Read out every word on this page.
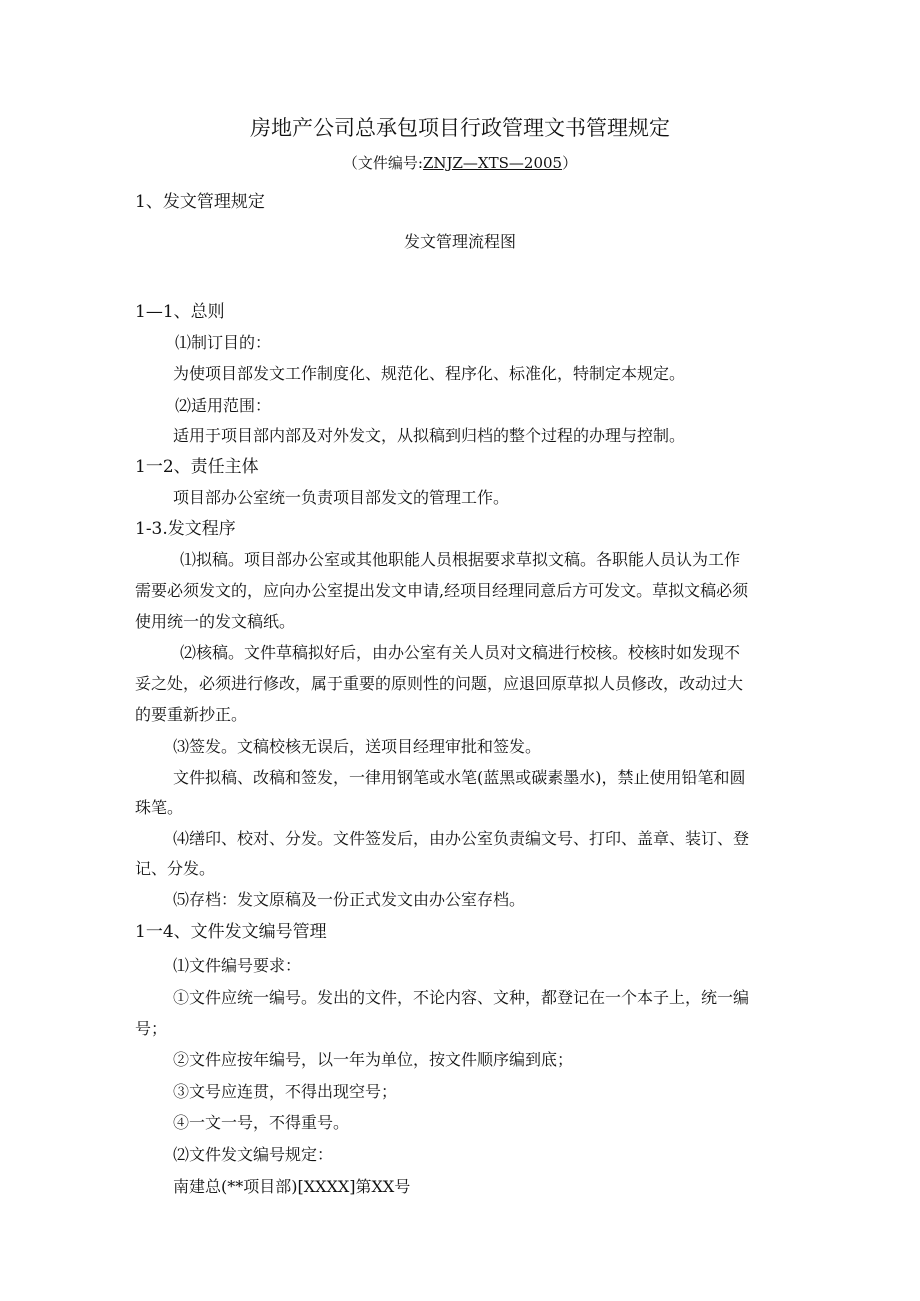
房地产公司总承包项目行政管理文书管理规定
（文件编号:ZNJZ—XTS—2005）
1、发文管理规定
发文管理流程图
1—1、总则
⑴制订目的：
为使项目部发文工作制度化、规范化、程序化、标准化，特制定本规定。
⑵适用范围：
适用于项目部内部及对外发文，从拟稿到归档的整个过程的办理与控制。
1一2、责任主体
项目部办公室统一负责项目部发文的管理工作。
1-3.发文程序
⑴拟稿。项目部办公室或其他职能人员根据要求草拟文稿。各职能人员认为工作
需要必须发文的，应向办公室提出发文申请,经项目经理同意后方可发文。草拟文稿必须
使用统一的发文稿纸。
⑵核稿。文件草稿拟好后，由办公室有关人员对文稿进行校核。校核时如发现不
妥之处，必须进行修改，属于重要的原则性的问题，应退回原草拟人员修改，改动过大
的要重新抄正。
⑶签发。文稿校核无误后，送项目经理审批和签发。
文件拟稿、改稿和签发，一律用钢笔或水笔(蓝黑或碳素墨水)，禁止使用铅笔和圆
珠笔。
⑷缮印、校对、分发。文件签发后，由办公室负责编文号、打印、盖章、装订、登
记、分发。
⑸存档：发文原稿及一份正式发文由办公室存档。
1一4、文件发文编号管理
⑴文件编号要求：
①文件应统一编号。发出的文件，不论内容、文种，都登记在一个本子上，统一编
号；
②文件应按年编号，以一年为单位，按文件顺序编到底；
③文号应连贯，不得出现空号；
④一文一号，不得重号。
⑵文件发文编号规定：
南建总(**项目部)[XXXX]第XX号
